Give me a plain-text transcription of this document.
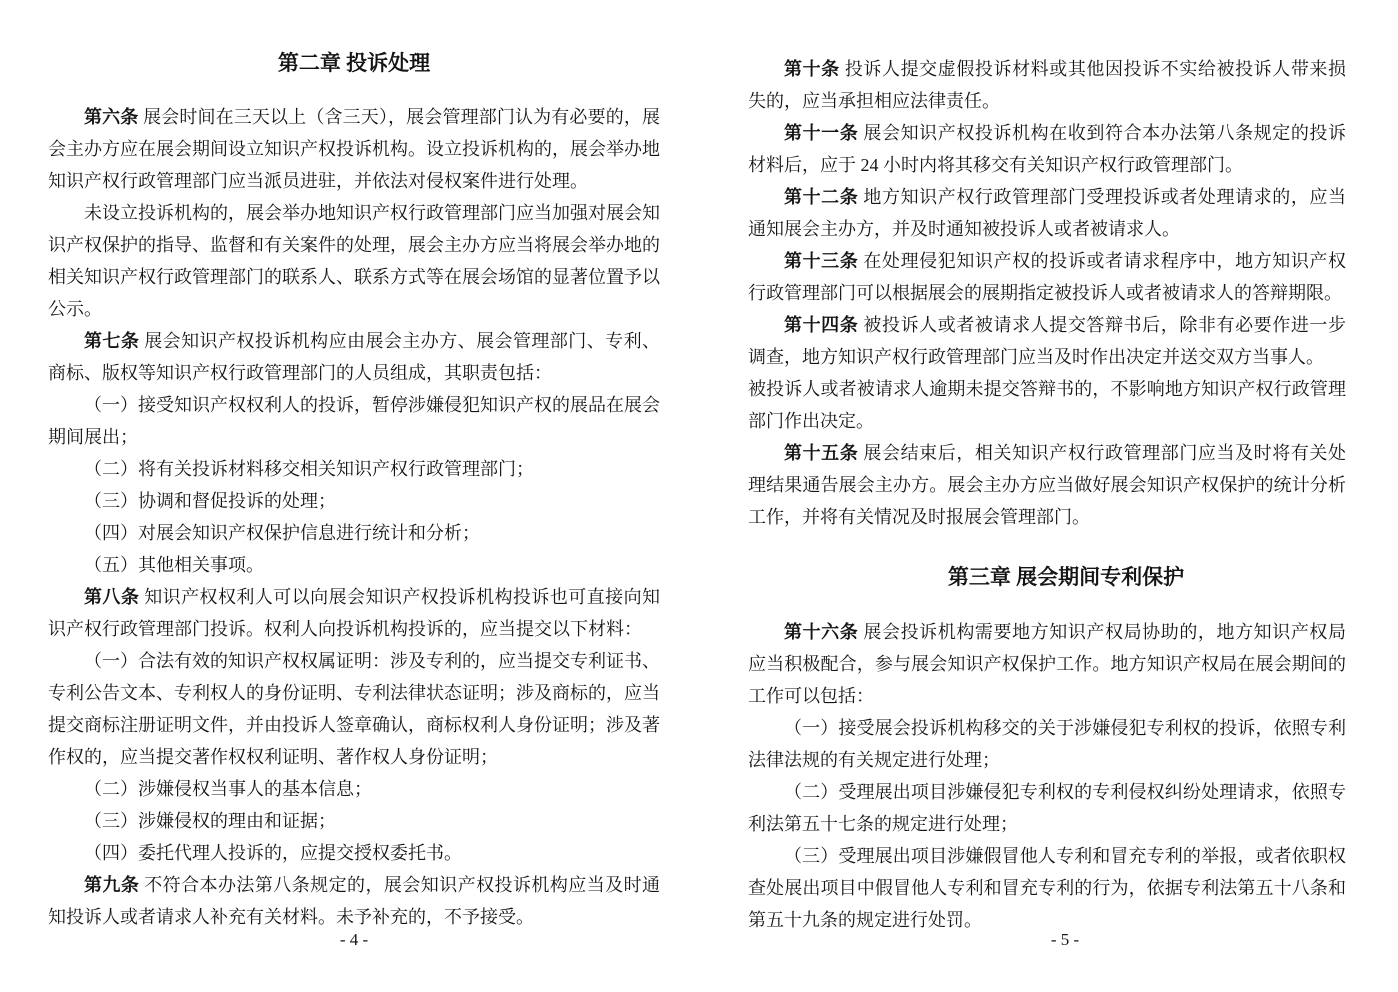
第二章 投诉处理

第六条 展会时间在三天以上（含三天），展会管理部门认为有必要的，展会主办方应在展会期间设立知识产权投诉机构。设立投诉机构的，展会举办地知识产权行政管理部门应当派员进驻，并依法对侵权案件进行处理。

未设立投诉机构的，展会举办地知识产权行政管理部门应当加强对展会知识产权保护的指导、监督和有关案件的处理，展会主办方应当将展会举办地的相关知识产权行政管理部门的联系人、联系方式等在展会场馆的显著位置予以公示。

第七条 展会知识产权投诉机构应由展会主办方、展会管理部门、专利、商标、版权等知识产权行政管理部门的人员组成，其职责包括：

（一）接受知识产权权利人的投诉，暂停涉嫌侵犯知识产权的展品在展会期间展出；

（二）将有关投诉材料移交相关知识产权行政管理部门；

（三）协调和督促投诉的处理；

（四）对展会知识产权保护信息进行统计和分析；

（五）其他相关事项。

第八条 知识产权权利人可以向展会知识产权投诉机构投诉也可直接向知识产权行政管理部门投诉。权利人向投诉机构投诉的，应当提交以下材料：

（一）合法有效的知识产权权属证明：涉及专利的，应当提交专利证书、专利公告文本、专利权人的身份证明、专利法律状态证明；涉及商标的，应当提交商标注册证明文件，并由投诉人签章确认，商标权利人身份证明；涉及著作权的，应当提交著作权权利证明、著作权人身份证明；

（二）涉嫌侵权当事人的基本信息；

（三）涉嫌侵权的理由和证据；

（四）委托代理人投诉的，应提交授权委托书。

第九条 不符合本办法第八条规定的，展会知识产权投诉机构应当及时通知投诉人或者请求人补充有关材料。未予补充的，不予接受。

第十条 投诉人提交虚假投诉材料或其他因投诉不实给被投诉人带来损失的，应当承担相应法律责任。

第十一条 展会知识产权投诉机构在收到符合本办法第八条规定的投诉材料后，应于 24 小时内将其移交有关知识产权行政管理部门。

第十二条 地方知识产权行政管理部门受理投诉或者处理请求的，应当通知展会主办方，并及时通知被投诉人或者被请求人。

第十三条 在处理侵犯知识产权的投诉或者请求程序中，地方知识产权行政管理部门可以根据展会的展期指定被投诉人或者被请求人的答辩期限。

第十四条 被投诉人或者被请求人提交答辩书后，除非有必要作进一步调查，地方知识产权行政管理部门应当及时作出决定并送交双方当事人。

被投诉人或者被请求人逾期未提交答辩书的，不影响地方知识产权行政管理部门作出决定。

第十五条 展会结束后，相关知识产权行政管理部门应当及时将有关处理结果通告展会主办方。展会主办方应当做好展会知识产权保护的统计分析工作，并将有关情况及时报展会管理部门。

第三章 展会期间专利保护

第十六条 展会投诉机构需要地方知识产权局协助的，地方知识产权局应当积极配合，参与展会知识产权保护工作。地方知识产权局在展会期间的工作可以包括：

（一）接受展会投诉机构移交的关于涉嫌侵犯专利权的投诉，依照专利法律法规的有关规定进行处理；

（二）受理展出项目涉嫌侵犯专利权的专利侵权纠纷处理请求，依照专利法第五十七条的规定进行处理；

（三）受理展出项目涉嫌假冒他人专利和冒充专利的举报，或者依职权查处展出项目中假冒他人专利和冒充专利的行为，依据专利法第五十八条和第五十九条的规定进行处罚。

- 4 -	- 5 -
